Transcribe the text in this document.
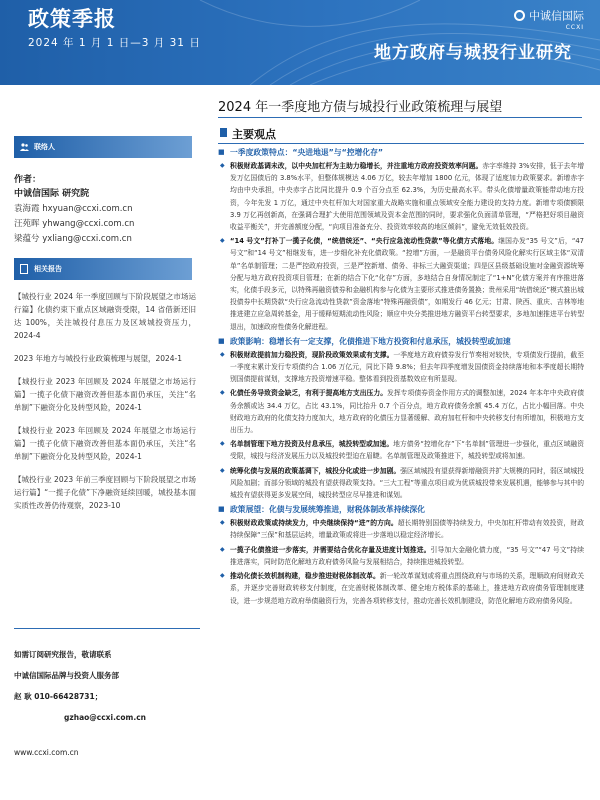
政策季报
2024 年 1 月 1 日—3 月 31 日
中诚信国际
CCXI
地方政府与城投行业研究
2024 年一季度地方债与城投行业政策梳理与展望
联络人
作者：
中诚信国际 研究院
袁海霞 hxyuan@ccxi.com.cn
汪苑晖 yhwang@ccxi.com.cn
梁蕴兮 yxliang@ccxi.com.cn
相关报告
【城投行业 2024 年一季度回顾与下阶段展望之市场运行篇】化债约束下重点区域融资受限，14 省借新还旧达 100%，关注城投付息压力及区域城投资压力，2024-4
2023 年地方与城投行业政策梳理与展望，2024-1
【城投行业 2023 年回顾及 2024 年展望之市场运行篇】一揽子化债下融资改善但基本面仍承压，关注“名单制”下融资分化及转型风险，2024-1
【城投行业 2023 年回顾及 2024 年展望之市场运行篇】一揽子化债下融资改善但基本面仍承压，关注“名单制”下融资分化及转型风险，2024-1
【城投行业 2023 年前三季度回顾与下阶段展望之市场运行篇】“一揽子化债”下净融资延续回暖，城投基本面实质性改善仍待观察，2023-10
如需订阅研究报告，敬请联系
中诚信国际品牌与投资人服务部
赵 耿 010-66428731；
gzhao@ccxi.com.cn
www.ccxi.com.cn
主要观点
■ 一季度政策特点：“央进地退”与“控增化存”
◆ 积极财政基调未改，以中央加杠杆为主助力稳增长，并注重地方政府投资效率问题。赤字率维持 3%安排，低于去年增发万亿国债后的 3.8%水平，但整体规模达 4.06 万亿，较去年增加 1800 亿元，体现了适度加力政策要求。新增赤字均由中央承担，中央赤字占比同比提升 0.9 个百分点至 62.3%，为历史最高水平。带头化债增量政策能带动地方投资，今年先发 1 万亿，通过中央杠杆加大对国家重大战略实施和重点领域安全能力建设的支持力度。新增专项债额限 3.9 万亿再创新高，在强调合理扩大使用范围领域及资本金范围的同时，要求强化负面清单管理，“严格把好项目融资收益平衡关”，并完善额度分配，“向项目准备充分、投资效率较高的地区倾斜”，避免无效低效投资。
◆ “14 号文”打补丁一揽子化债，“统借统还”、“央行应急流动性贷款”等化债方式落地。继国办发“35 号文”后，“47 号文”和“14 号文”相继发布，进一步细化补充化债政策。“控增”方面，一是融资平台债务风险化解实行区域主体“双清单”名单制管理；二是严控政府投资，三是严控新增、债务、非标三大融资渠道；四是区县级基础设施对金融资源统筹分配与地方政府投资项目管理；在新的结合下化“化存”方面，多地结合自身情况制定了“1+N”化债方案并有序推进落实，化债手段多元，以特殊再融资债券和金融机构参与化债为主要形式推进债务置换；贵州采用“统借统还”模式推出城投债券中长期贷款“央行应急流动性贷款”资金落地“特殊再融资债”，如期发行 46 亿元；甘肃、陕西、重庆、吉林等地推进建立应急周转基金，用于缓释短期流动性风险；顺应中央分类推进地方融资平台转型要求，多地加速推进平台转型退出，加速政府性债务化解进程。
■ 政策影响：稳增长有一定支撑，化债推进下地方投资和付息承压，城投转型或加速
◆ 积极财政提前加力稳投资，现阶段政策效果或有支撑。一季度地方政府债券发行节奏相对较快，专项债发行提前，截至一季度末累计发行专项债约合 1.06 万亿元，同比下降 9.8%；但去年四季度增发国债资金持续落地和本季度超长期特别国债提前谋划，支撑地方投资增速平稳。整体看到投资基数效应有所显现。
◆ 化债任务导致资金缺乏，有利于提高地方支出压力。发挥专项债券资金作用方式的调整加速，2024 年本年中央政府债务余额或达 34.4 万亿，占比 43.1%，同比抬升 0.7 个百分点，地方政府债务余额 45.4 万亿，占比小幅回落。中央财政地方政府的化债支持力度加大，地方政府的化债压力显著缓解、政府加杠杆和中央转移支付有所增加，积极地方支出压力。
◆ 名单制管理下地方投资及付息承压，城投转型或加速。地方债务“控增化存”下“名单制”管理进一步强化，重点区域融资受限，城投与经济发展压力以及城投转型迫在眉睫。名单制管理及政策推进下，城投转型或将加速。
◆ 统筹化债与发展的政策基调下，城投分化或进一步加剧。强区域城投有望获得新增融资并扩大规模的同时，弱区域城投风险加剧；而部分领域的城投有望获得政策支持。“三大工程”等重点项目或为优质城投带来发展机遇，能够参与其中的城投有望获得更多发展空间，城投转型应尽早推进和谋划。
■ 政策展望：化债与发展统筹推进，财税体制改革持续深化
◆ 积极财政政策或持续发力，中央继续保持“进”的方向。超长期特别国债等持续发力，中央加杠杆带动有效投资，财政持续保障“三保”和基层运转，增量政策或将进一步落地以稳定经济增长。
◆ 一揽子化债推进一步落实，并需要结合优化存量及进度计划推进。引导加大金融化债力度，“35 号文”“47 号文”持续推进落实，同时防范化解地方政府债务风险与发展相结合，持续推进城投转型。
◆ 推动化债长效机制构建，稳步推进财税体制改革。新一轮改革谋划或将重点围绕政府与市场的关系，理顺政府间财政关系，并逐步完善财政转移支付制度，在完善财税体制改革、健全地方税体系的基础上，推进地方政府债务管理制度建设，进一步规范地方政府举债融资行为，完善各项转移支付，推动完善长效机制建设，防范化解地方政府债务风险。
